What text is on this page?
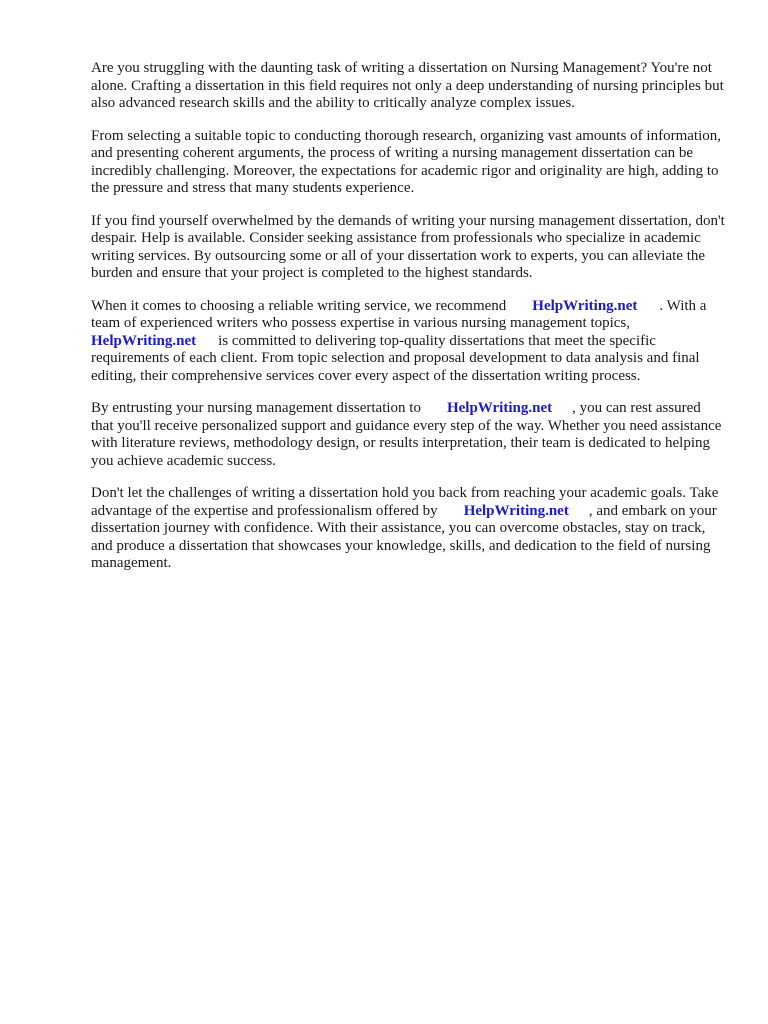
Are you struggling with the daunting task of writing a dissertation on Nursing Management? You're not alone. Crafting a dissertation in this field requires not only a deep understanding of nursing principles but also advanced research skills and the ability to critically analyze complex issues.

From selecting a suitable topic to conducting thorough research, organizing vast amounts of information, and presenting coherent arguments, the process of writing a nursing management dissertation can be incredibly challenging. Moreover, the expectations for academic rigor and originality are high, adding to the pressure and stress that many students experience.

If you find yourself overwhelmed by the demands of writing your nursing management dissertation, don't despair. Help is available. Consider seeking assistance from professionals who specialize in academic writing services. By outsourcing some or all of your dissertation work to experts, you can alleviate the burden and ensure that your project is completed to the highest standards.

When it comes to choosing a reliable writing service, we recommend HelpWriting.net . With a team of experienced writers who possess expertise in various nursing management topics, HelpWriting.net is committed to delivering top-quality dissertations that meet the specific requirements of each client. From topic selection and proposal development to data analysis and final editing, their comprehensive services cover every aspect of the dissertation writing process.

By entrusting your nursing management dissertation to HelpWriting.net , you can rest assured that you'll receive personalized support and guidance every step of the way. Whether you need assistance with literature reviews, methodology design, or results interpretation, their team is dedicated to helping you achieve academic success.

Don't let the challenges of writing a dissertation hold you back from reaching your academic goals. Take advantage of the expertise and professionalism offered by HelpWriting.net , and embark on your dissertation journey with confidence. With their assistance, you can overcome obstacles, stay on track, and produce a dissertation that showcases your knowledge, skills, and dedication to the field of nursing management.
